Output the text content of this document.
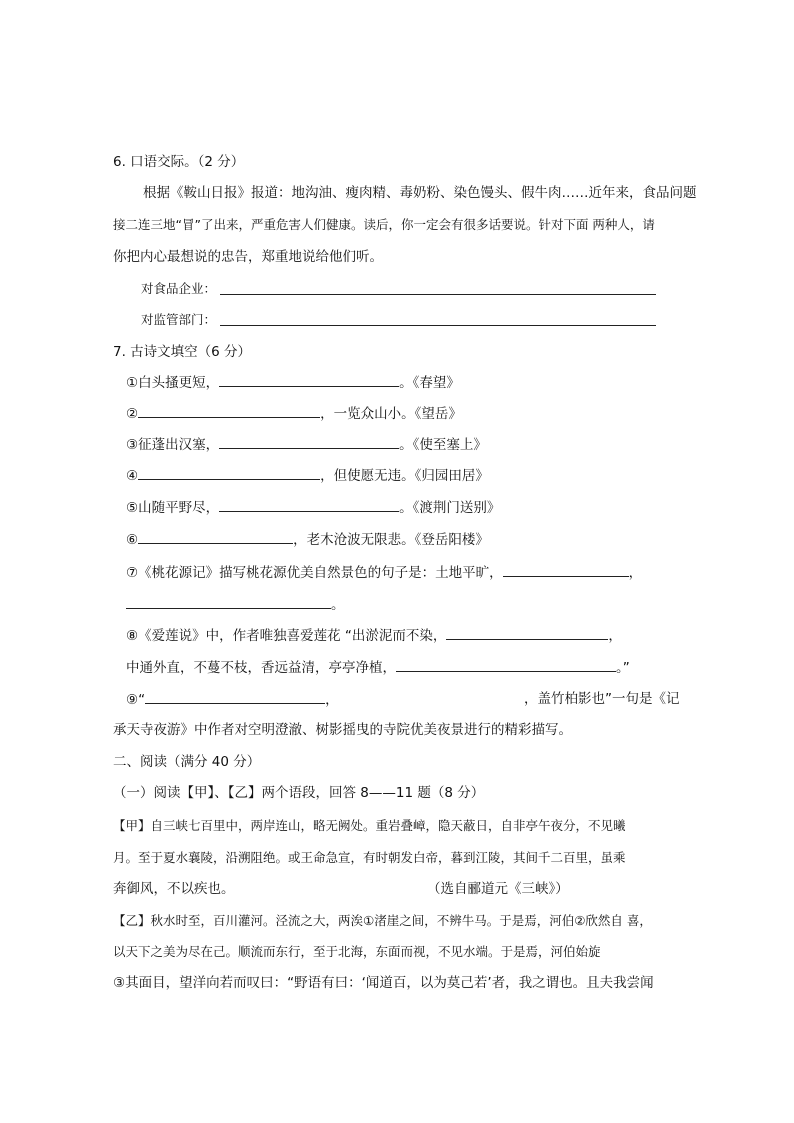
6. 口语交际。（2 分）
根据《鞍山日报》报道：地沟油、瘦肉精、毒奶粉、染色馒头、假牛肉……近年来，食品问题
接二连三地“冒”了出来，严重危害人们健康。读后，你一定会有很多话要说。针对下面 两种人，请
你把内心最想说的忠告，郑重地说给他们听。
对食品企业：
对监管部门：
7. 古诗文填空（6 分）
①白头搔更短，	。《春望》
②	，一览众山小。《望岳》
③征蓬出汉塞，	。《使至塞上》
④	，但使愿无违。《归园田居》
⑤山随平野尽，	。《渡荆门送别》
⑥	，老木沧波无限悲。《登岳阳楼》
⑦《桃花源记》描写桃花源优美自然景色的句子是：土地平旷，	，
。
⑧《爱莲说》中，作者唯独喜爱莲花 “出淤泥而不染，	，
中通外直，不蔓不枝，香远益清，亭亭净植，	。”
⑨“	，	，盖竹柏影也”一句是《记
承天寺夜游》中作者对空明澄澈、树影摇曳的寺院优美夜景进行的精彩描写。
二、阅读（满分 40 分）
（一）阅读【甲】、【乙】两个语段，回答 8——11 题（8 分）
【甲】自三峡七百里中，两岸连山，略无阙处。重岩叠嶂，隐天蔽日，自非亭午夜分，不见曦
月。至于夏水襄陵，沿溯阻绝。或王命急宣，有时朝发白帝，暮到江陵，其间千二百里，虽乘
奔御风，不以疾也。	（选自郦道元《三峡》）
【乙】秋水时至，百川灌河。泾流之大，两涘①渚崖之间，不辨牛马。于是焉，河伯②欣然自 喜，
以天下之美为尽在己。顺流而东行，至于北海，东面而视，不见水端。于是焉，河伯始旋
③其面目，望洋向若而叹曰：“野语有曰：‘闻道百，以为莫己若’者，我之谓也。且夫我尝闻
